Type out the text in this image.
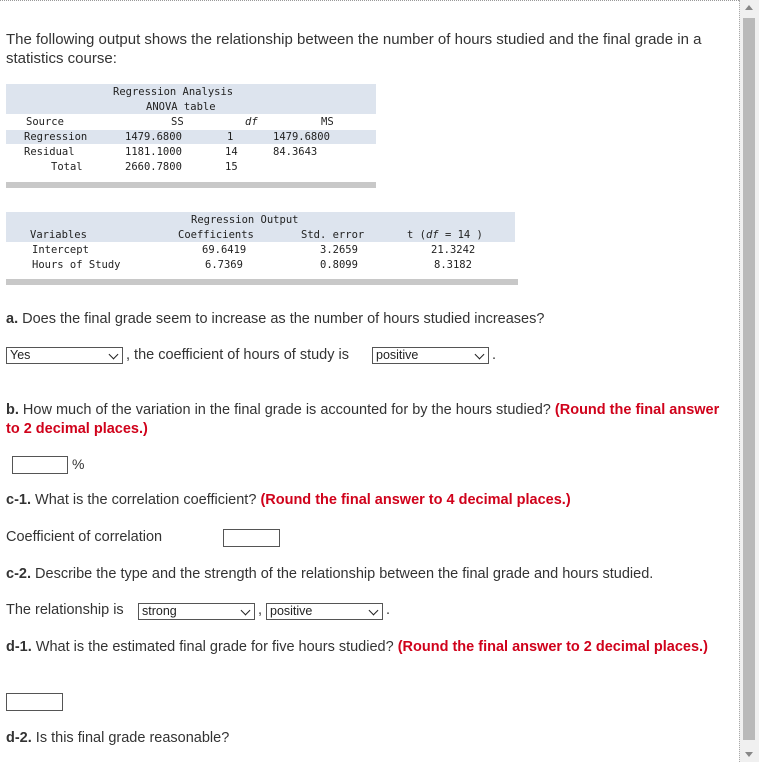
The following output shows the relationship between the number of hours studied and the final grade in a statistics course:

Regression Analysis
ANOVA table
Source	SS	df	MS
Regression	1479.6800	1	1479.6800
Residual	1181.1000	14	84.3643
Total	2660.7800	15
Regression Output
Variables	Coefficients	Std. error	t (df = 14 )
Intercept	69.6419	3.2659	21.3242
Hours of Study	6.7369	0.8099	8.3182
a. Does the final grade seem to increase as the number of hours studied increases?
Yes	, the coefficient of hours of study is	positive	.
b. How much of the variation in the final grade is accounted for by the hours studied? (Round the final answer to 2 decimal places.)
%
c-1. What is the correlation coefficient? (Round the final answer to 4 decimal places.)
Coefficient of correlation
c-2. Describe the type and the strength of the relationship between the final grade and hours studied.
The relationship is	strong	, positive	.
d-1. What is the estimated final grade for five hours studied? (Round the final answer to 2 decimal places.)
d-2. Is this final grade reasonable?
